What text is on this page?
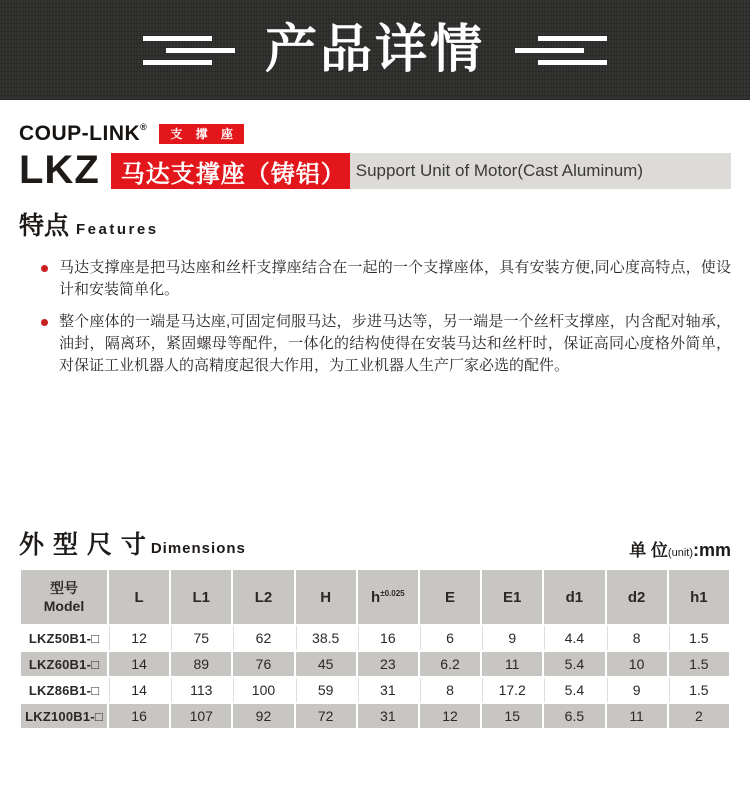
产品详情
COUP-LINK®	支 撑 座
LKZ 马达支撑座（铸铝） Support Unit of Motor(Cast Aluminum)
特点 Features
马达支撑座是把马达座和丝杆支撑座结合在一起的一个支撑座体，具有安装方便,同心度高特点，使设计和安装简单化。
整个座体的一端是马达座,可固定伺服马达，步进马达等，另一端是一个丝杆支撑座，内含配对轴承，油封，隔离环，紧固螺母等配件，一体化的结构使得在安装马达和丝杆时，保证高同心度格外简单，对保证工业机器人的高精度起很大作用，为工业机器人生产厂家必选的配件。
外 型 尺 寸 Dimensions	单 位(unit):mm
型号
Model	L	L1	L2	H	$h^{\pm 0.025}$	E	E1	d1	d2	h1
LKZ50B1-□	12	75	62	38.5	16	6	9	4.4	8	1.5
LKZ60B1-□	14	89	76	45	23	6.2	11	5.4	10	1.5
LKZ86B1-□	14	113	100	59	31	8	17.2	5.4	9	1.5
LKZ100B1-□	16	107	92	72	31	12	15	6.5	11	2
